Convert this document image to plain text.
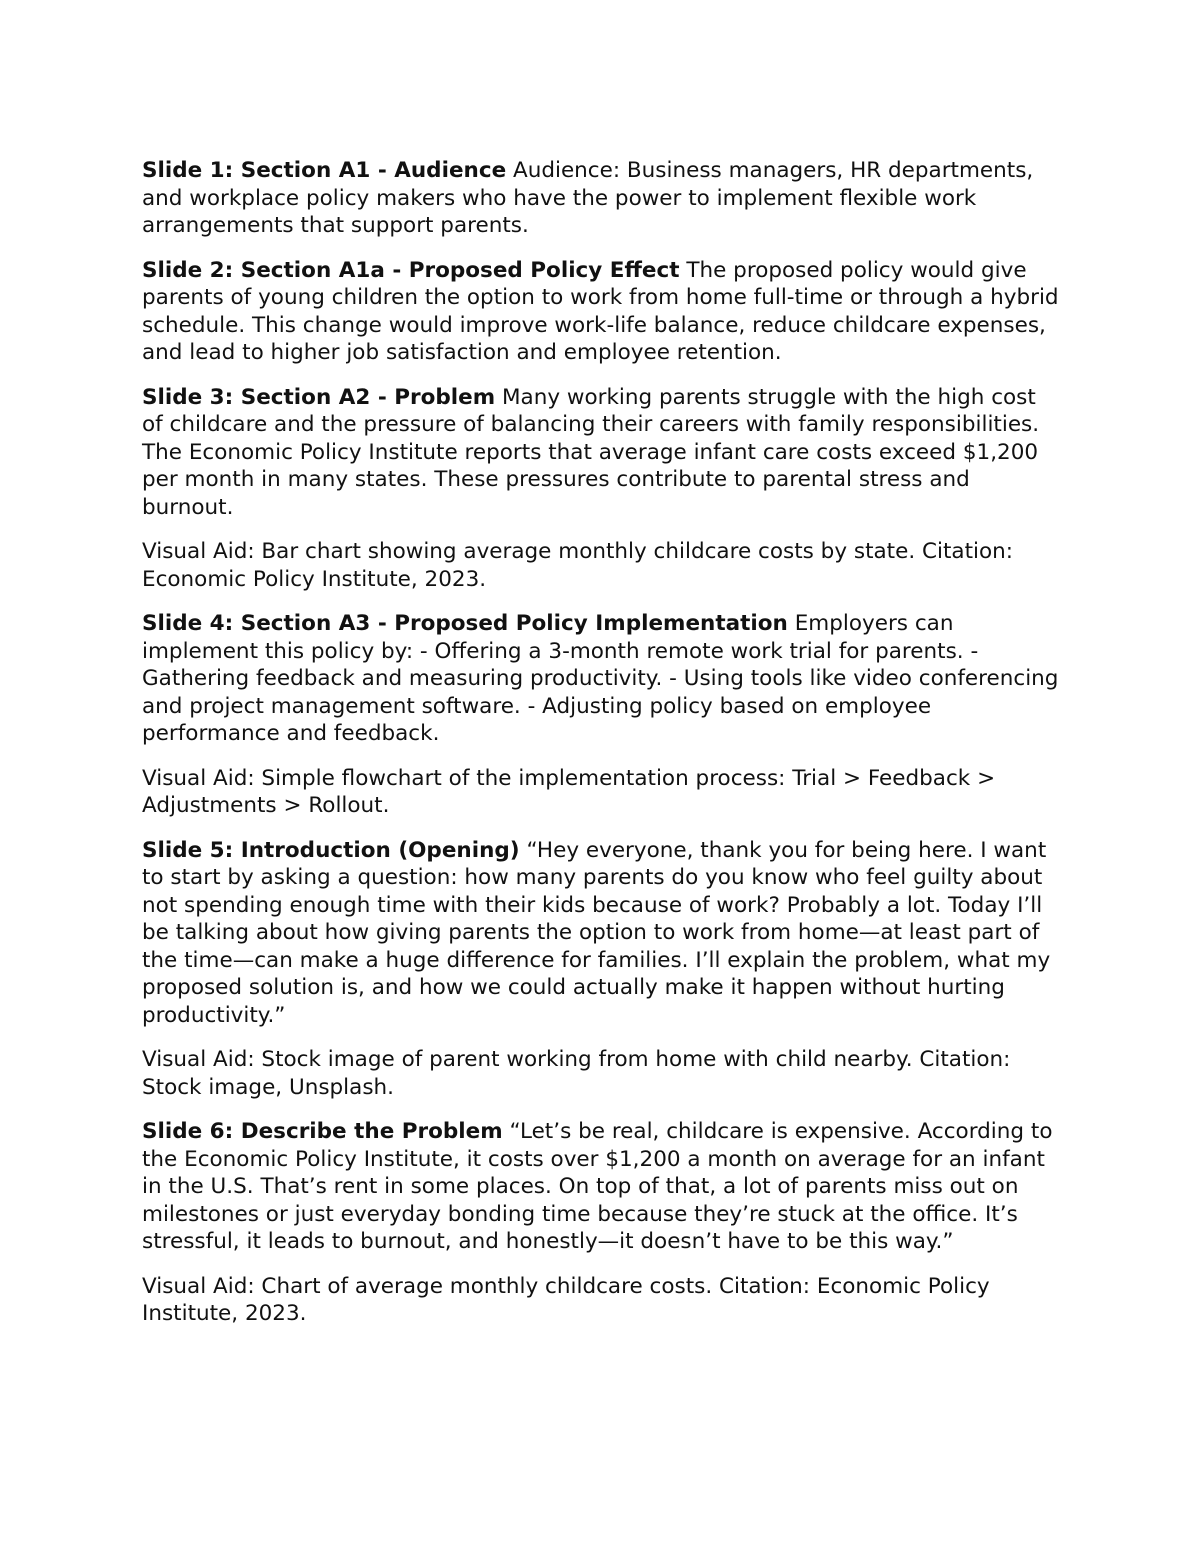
Slide 1: Section A1 - Audience Audience: Business managers, HR departments, and workplace policy makers who have the power to implement flexible work arrangements that support parents.

Slide 2: Section A1a - Proposed Policy Effect The proposed policy would give parents of young children the option to work from home full-time or through a hybrid schedule. This change would improve work-life balance, reduce childcare expenses, and lead to higher job satisfaction and employee retention.

Slide 3: Section A2 - Problem Many working parents struggle with the high cost of childcare and the pressure of balancing their careers with family responsibilities. The Economic Policy Institute reports that average infant care costs exceed $1,200 per month in many states. These pressures contribute to parental stress and burnout.

Visual Aid: Bar chart showing average monthly childcare costs by state. Citation: Economic Policy Institute, 2023.

Slide 4: Section A3 - Proposed Policy Implementation Employers can implement this policy by: - Offering a 3-month remote work trial for parents. - Gathering feedback and measuring productivity. - Using tools like video conferencing and project management software. - Adjusting policy based on employee performance and feedback.

Visual Aid: Simple flowchart of the implementation process: Trial > Feedback > Adjustments > Rollout.

Slide 5: Introduction (Opening) “Hey everyone, thank you for being here. I want to start by asking a question: how many parents do you know who feel guilty about not spending enough time with their kids because of work? Probably a lot. Today I’ll be talking about how giving parents the option to work from home—at least part of the time—can make a huge difference for families. I’ll explain the problem, what my proposed solution is, and how we could actually make it happen without hurting productivity.”

Visual Aid: Stock image of parent working from home with child nearby. Citation: Stock image, Unsplash.

Slide 6: Describe the Problem “Let’s be real, childcare is expensive. According to the Economic Policy Institute, it costs over $1,200 a month on average for an infant in the U.S. That’s rent in some places. On top of that, a lot of parents miss out on milestones or just everyday bonding time because they’re stuck at the office. It’s stressful, it leads to burnout, and honestly—it doesn’t have to be this way.”

Visual Aid: Chart of average monthly childcare costs. Citation: Economic Policy Institute, 2023.
